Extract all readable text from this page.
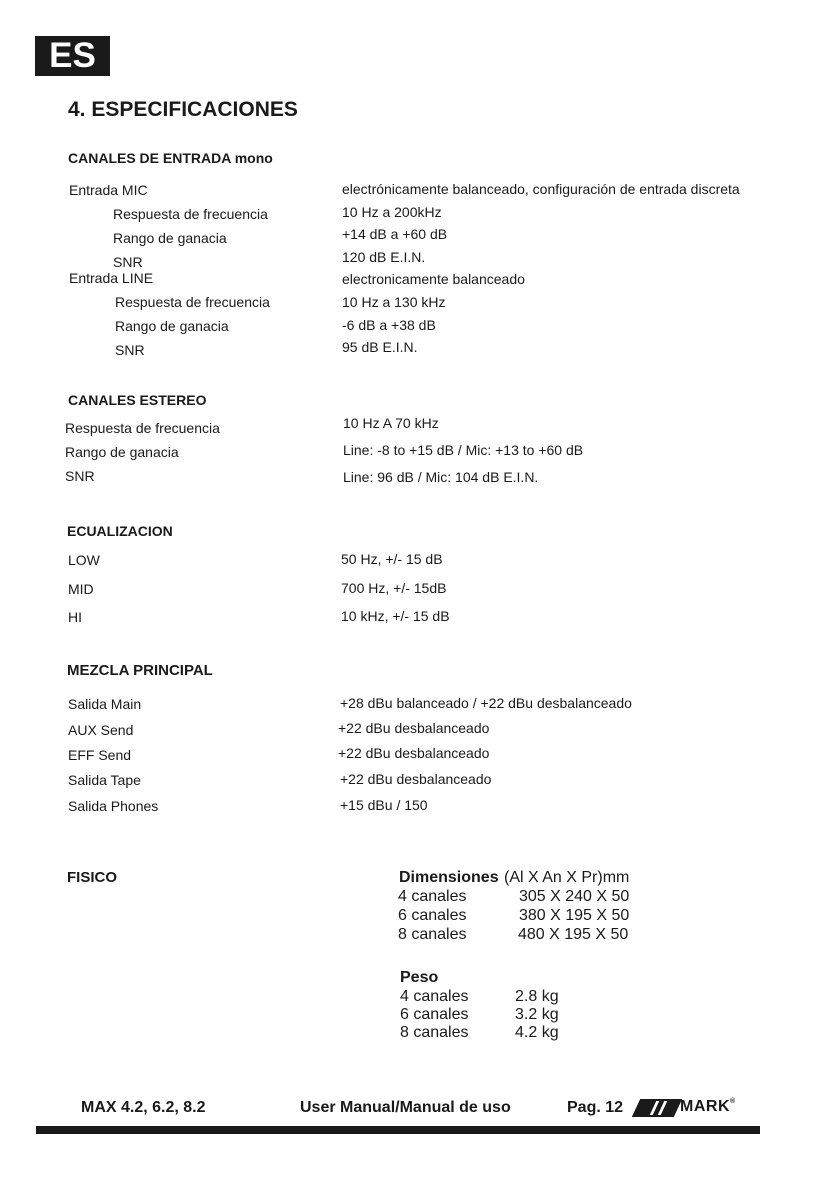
ES
4. ESPECIFICACIONES
CANALES DE ENTRADA mono
Entrada MIC	electrónicamente balanceado, configuración de entrada discreta
Respuesta de frecuencia	10 Hz a 200kHz
Rango de ganacia	+14 dB a +60 dB
SNR	120 dB E.I.N.
Entrada LINE	electronicamente balanceado
Respuesta de frecuencia	10 Hz a 130 kHz
Rango de ganacia	-6 dB a +38 dB
SNR	95 dB E.I.N.
CANALES ESTEREO
Respuesta de frecuencia	10 Hz A 70 kHz
Rango de ganacia	Line: -8 to +15 dB / Mic: +13 to +60 dB
SNR	Line: 96 dB / Mic: 104 dB E.I.N.
ECUALIZACION
LOW	50 Hz, +/- 15 dB
MID	700 Hz, +/- 15dB
HI	10 kHz, +/- 15 dB
MEZCLA PRINCIPAL
Salida Main	+28 dBu balanceado / +22 dBu desbalanceado
AUX Send	+22 dBu desbalanceado
EFF Send	+22 dBu desbalanceado
Salida Tape	+22 dBu desbalanceado
Salida Phones	+15 dBu / 150
FISICO	Dimensiones (Al X An X Pr)mm
4 canales	305 X 240 X 50
6 canales	380 X 195 X 50
8 canales	480 X 195 X 50
Peso
4 canales	2.8 kg
6 canales	3.2 kg
8 canales	4.2 kg
MAX 4.2, 6.2, 8.2	User Manual/Manual de uso	Pag. 12	MARK®
